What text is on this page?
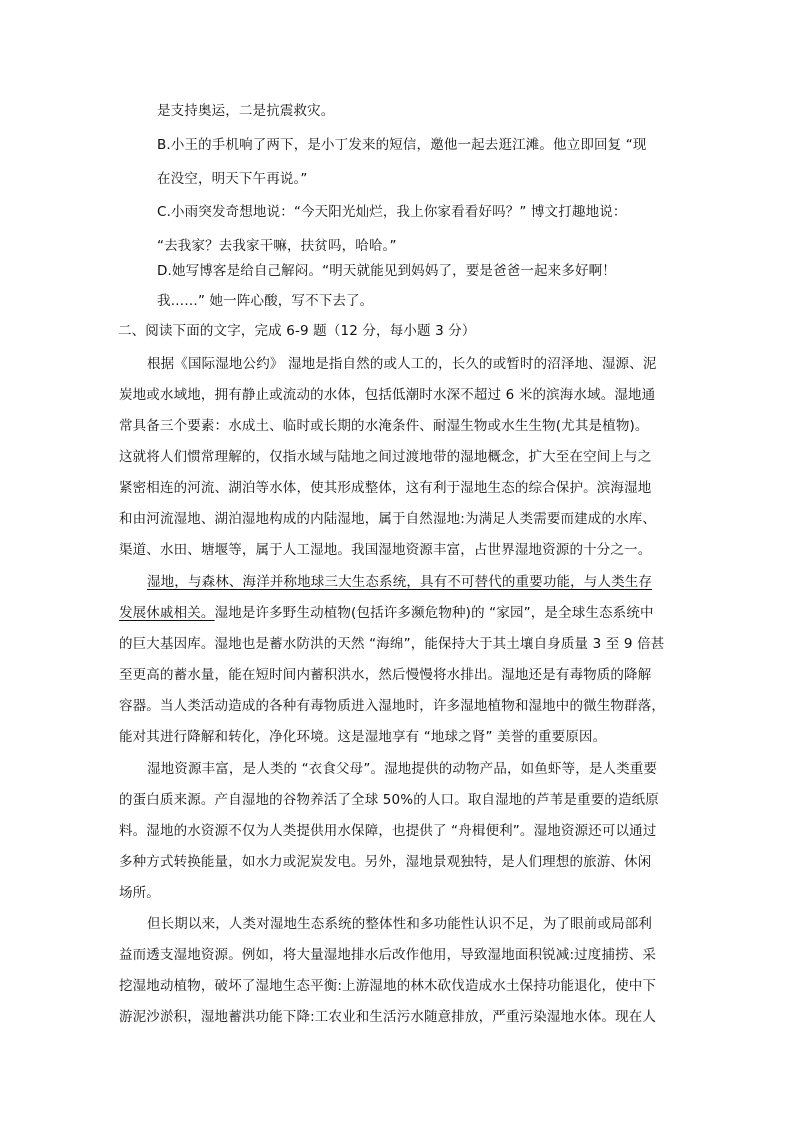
是支持奥运，二是抗震救灾。

B.小王的手机响了两下，是小丁发来的短信，邀他一起去逛江滩。他立即回复 “现

在没空，明天下午再说。”

C.小雨突发奇想地说：“今天阳光灿烂，我上你家看看好吗？” 博文打趣地说：

“去我家？去我家干嘛，扶贫吗，哈哈。”

D.她写博客是给自己解闷。“明天就能见到妈妈了，要是爸爸一起来多好啊！

我……” 她一阵心酸，写不下去了。

二、阅读下面的文字，完成 6-9 题（12 分，每小题 3 分）

根据《国际湿地公约》 湿地是指自然的或人工的，长久的或暂时的沼泽地、湿源、泥

炭地或水域地，拥有静止或流动的水体，包括低潮时水深不超过 6 米的滨海水域。湿地通

常具备三个要素：水成土、临时或长期的水淹条件、耐湿生物或水生生物(尤其是植物)。

这就将人们惯常理解的，仅指水域与陆地之间过渡地带的湿地概念，扩大至在空间上与之

紧密相连的河流、湖泊等水体，使其形成整体，这有利于湿地生态的综合保护。滨海湿地

和由河流湿地、湖泊湿地构成的内陆湿地，属于自然湿地:为满足人类需要而建成的水库、

渠道、水田、塘堰等，属于人工湿地。我国湿地资源丰富，占世界湿地资源的十分之一。

湿地，与森林、海洋并称地球三大生态系统，具有不可替代的重要功能，与人类生存

发展休戚相关。湿地是许多野生动植物(包括许多濒危物种)的 “家园”，是全球生态系统中

的巨大基因库。湿地也是蓄水防洪的天然 “海绵”，能保持大于其土壤自身质量 3 至 9 倍甚

至更高的蓄水量，能在短时间内蓄积洪水，然后慢慢将水排出。湿地还是有毒物质的降解

容器。当人类活动造成的各种有毒物质进入湿地时，许多湿地植物和湿地中的微生物群落，

能对其进行降解和转化，净化环境。这是湿地享有 “地球之肾” 美誉的重要原因。

湿地资源丰富，是人类的 “衣食父母”。湿地提供的动物产品，如鱼虾等，是人类重要

的蛋白质来源。产自湿地的谷物养活了全球 50%的人口。取自湿地的芦苇是重要的造纸原

料。湿地的水资源不仅为人类提供用水保障，也提供了 “舟楫便利”。湿地资源还可以通过

多种方式转换能量，如水力或泥炭发电。另外，湿地景观独特，是人们理想的旅游、休闲

场所。

但长期以来，人类对湿地生态系统的整体性和多功能性认识不足，为了眼前或局部利

益而透支湿地资源。例如，将大量湿地排水后改作他用，导致湿地面积锐减:过度捕捞、采

挖湿地动植物，破坏了湿地生态平衡:上游湿地的林木砍伐造成水土保持功能退化，使中下

游泥沙淤积，湿地蓄洪功能下降:工农业和生活污水随意排放，严重污染湿地水体。现在人
